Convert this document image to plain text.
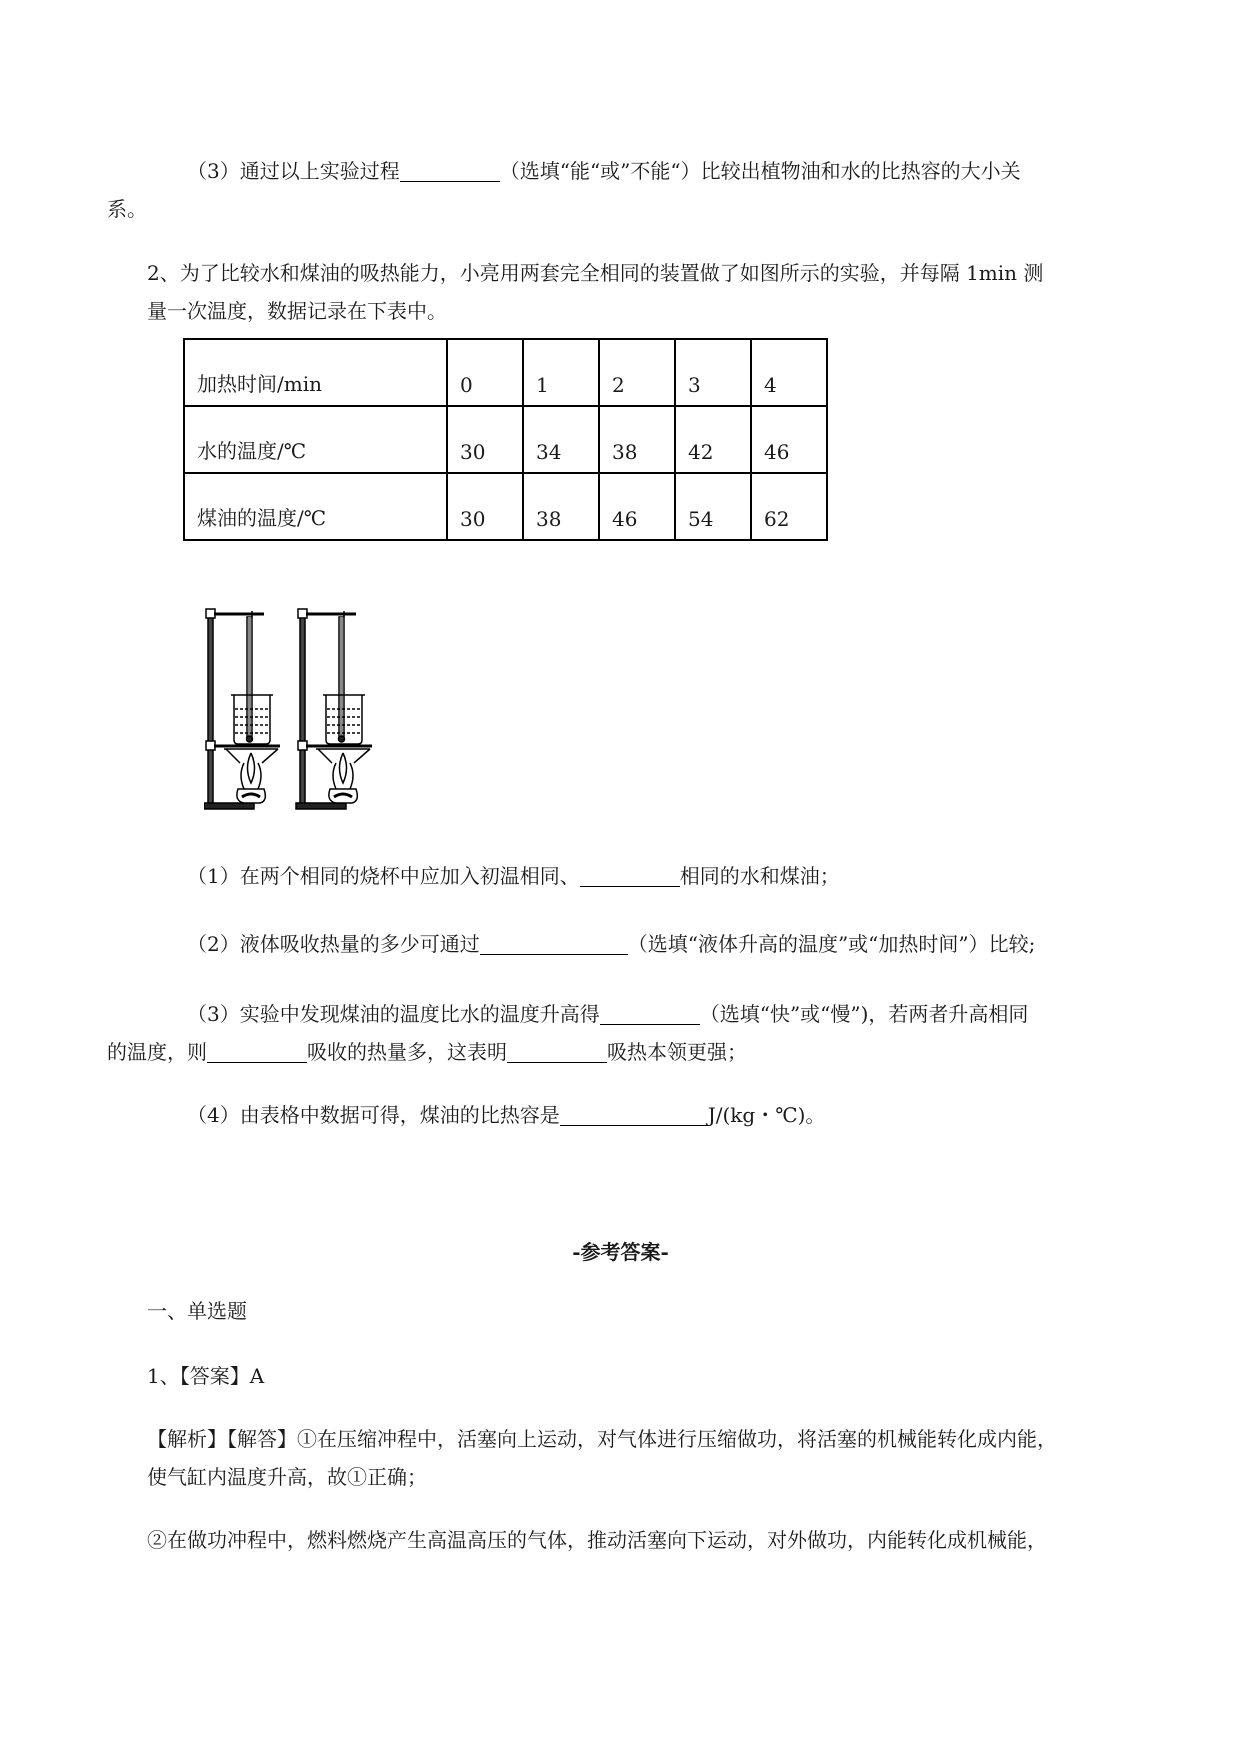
（3）通过以上实验过程	（选填“能“或”不能“）比较出植物油和水的比热容的大小关
系。
2、为了比较水和煤油的吸热能力，小亮用两套完全相同的装置做了如图所示的实验，并每隔 1min 测
量一次温度，数据记录在下表中。
加热时间/min	0	1	2	3	4
水的温度/℃	30	34	38	42	46
煤油的温度/℃	30	38	46	54	62
（1）在两个相同的烧杯中应加入初温相同、	相同的水和煤油；
（2）液体吸收热量的多少可通过	（选填“液体升高的温度”或“加热时间”）比较;
（3）实验中发现煤油的温度比水的温度升高得	（选填“快”或“慢”)，若两者升高相同
的温度，则	吸收的热量多，这表明	吸热本领更强；
（4）由表格中数据可得，煤油的比热容是	J/(kg・℃)。
-参考答案-
一、单选题
1、【答案】A
【解析】【解答】①在压缩冲程中，活塞向上运动，对气体进行压缩做功，将活塞的机械能转化成内能，
使气缸内温度升高，故①正确；
②在做功冲程中，燃料燃烧产生高温高压的气体，推动活塞向下运动，对外做功，内能转化成机械能，
